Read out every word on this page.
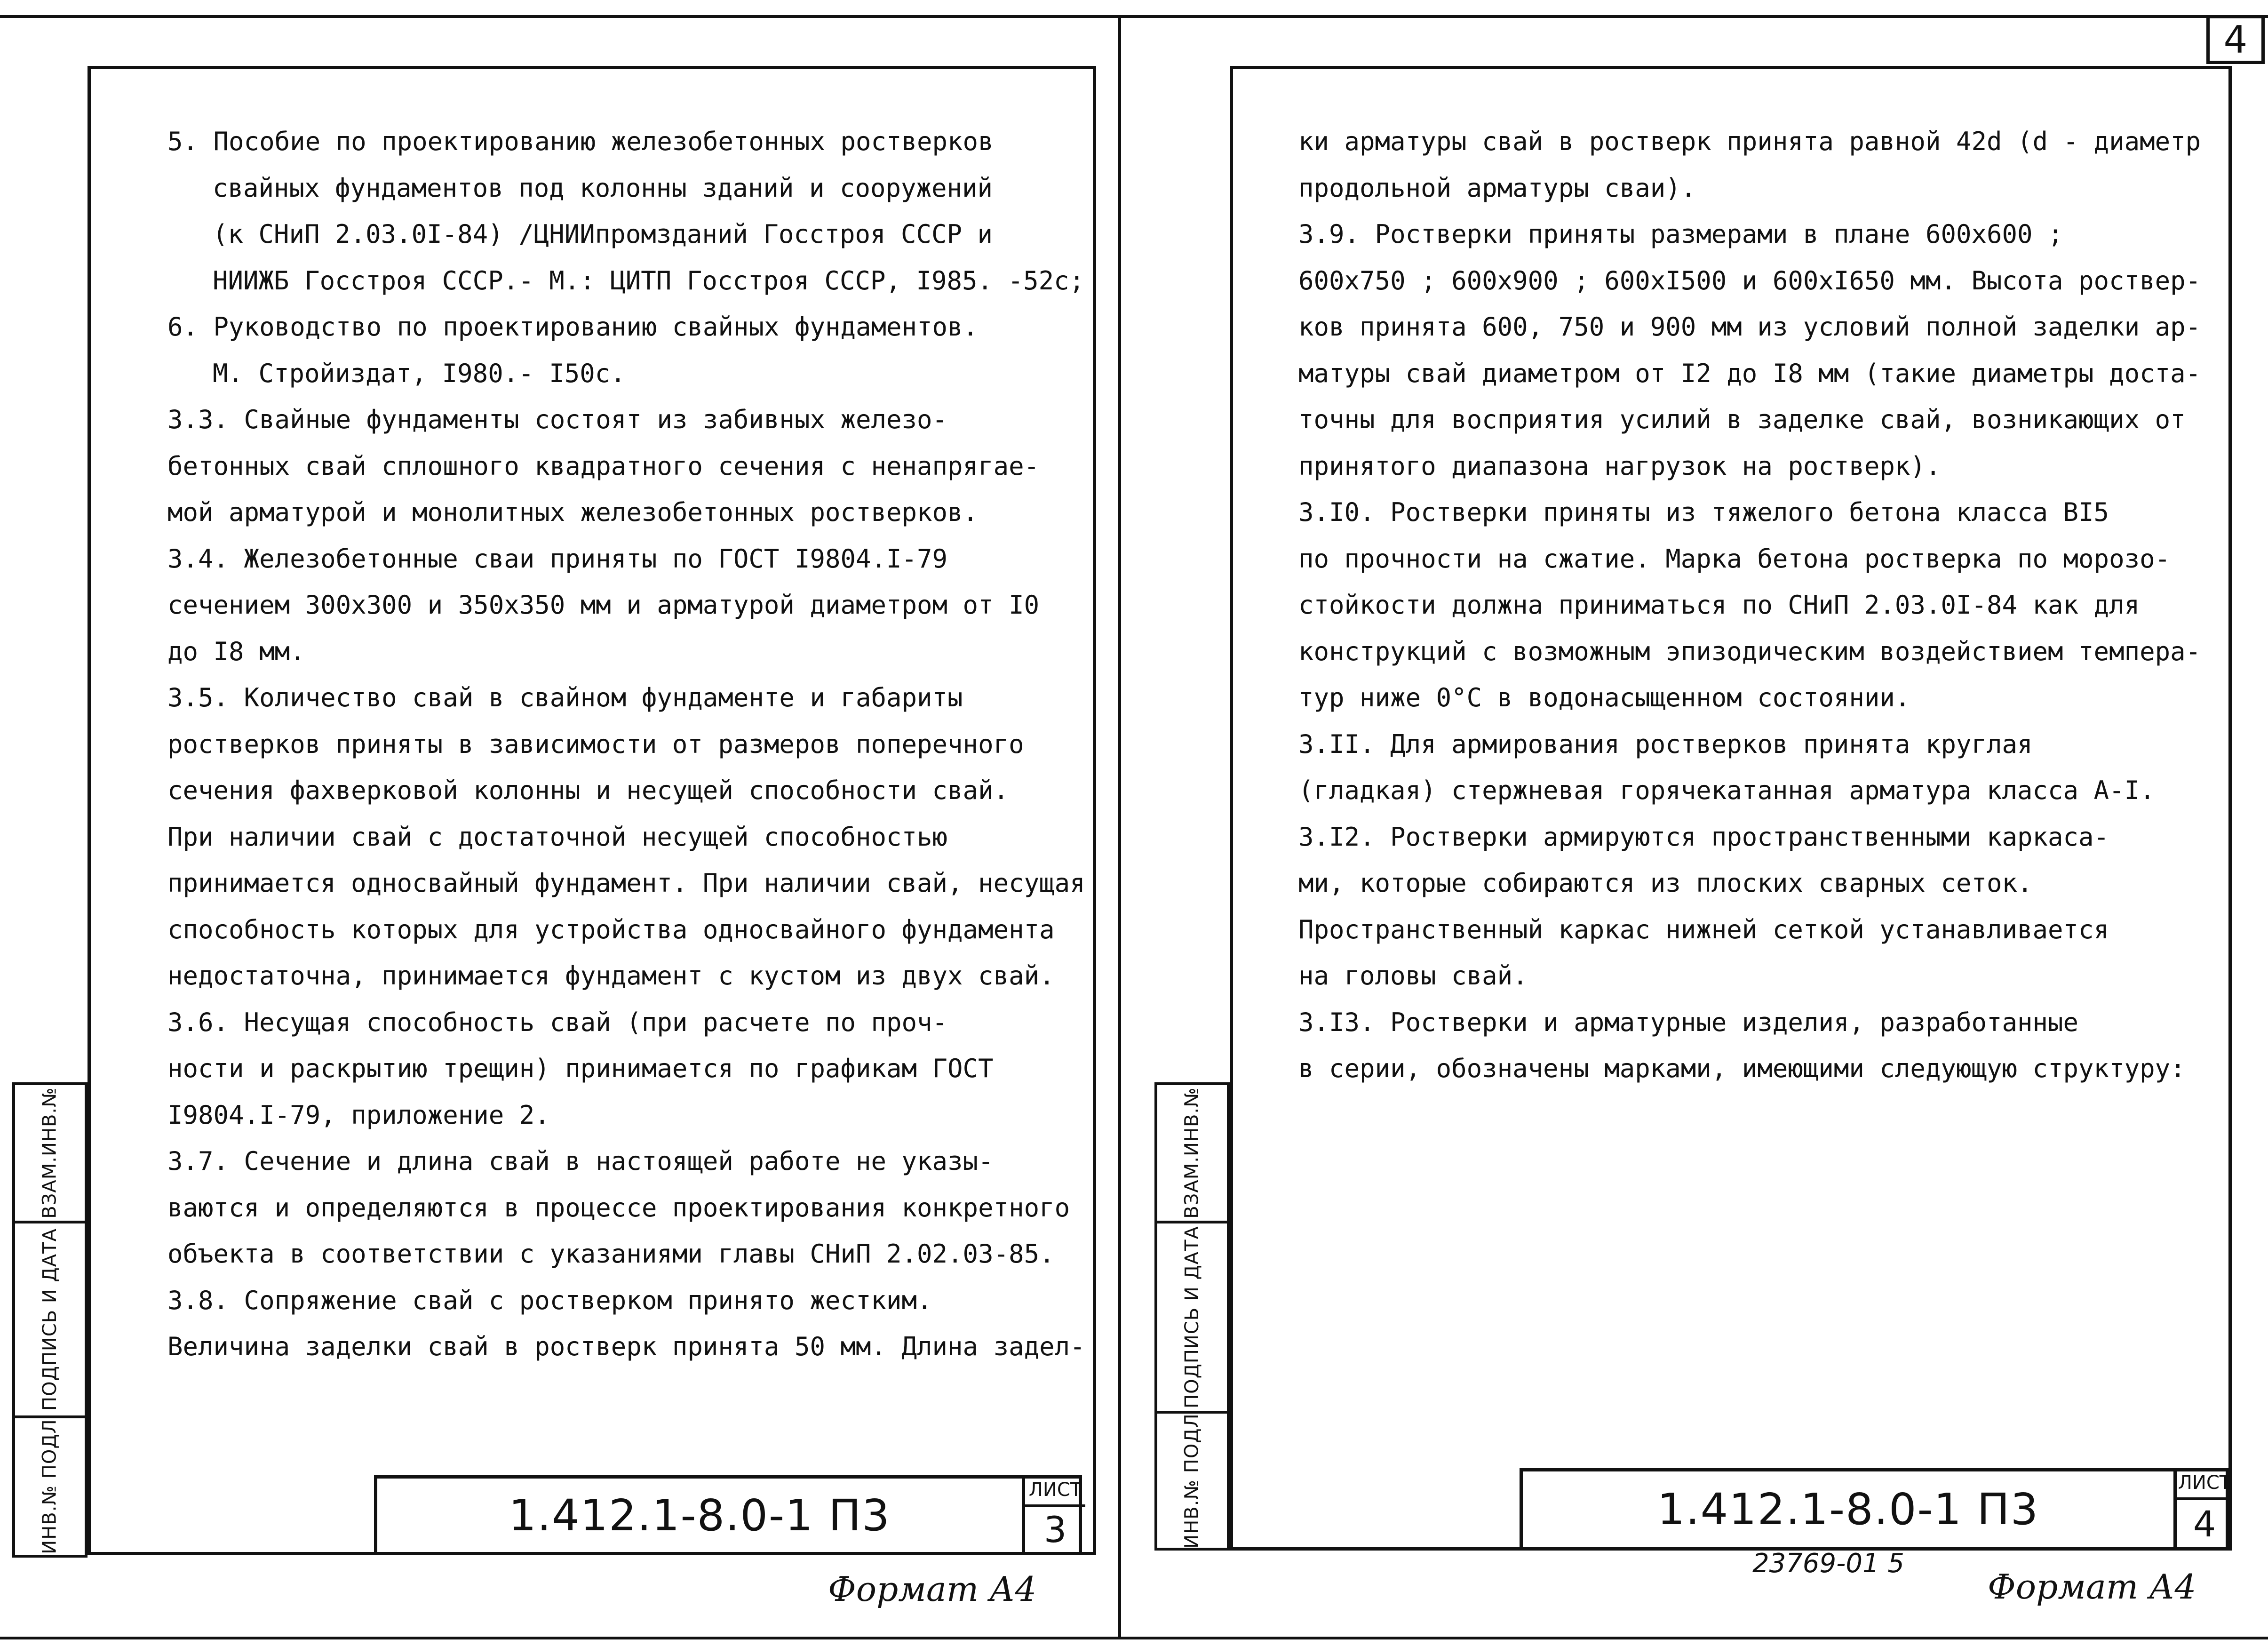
4
5. Пособие по проектированию железобетонных ростверков
свайных фундаментов под колонны зданий и сооружений
(к СНиП 2.03.0I-84) /ЦНИИпромзданий Госстроя СССР и
НИИЖБ Госстроя СССР.- М.: ЦИТП Госстроя СССР, I985. -52с;
6. Руководство по проектированию свайных фундаментов.
М. Стройиздат, I980.- I50с.
3.3. Свайные фундаменты состоят из забивных железо-
бетонных свай сплошного квадратного сечения с ненапрягае-
мой арматурой и монолитных железобетонных ростверков.
3.4. Железобетонные сваи приняты по ГОСТ I9804.I-79
сечением 300х300 и 350х350 мм и арматурой диаметром от I0
до I8 мм.
3.5. Количество свай в свайном фундаменте и габариты
ростверков приняты в зависимости от размеров поперечного
сечения фахверковой колонны и несущей способности свай.
При наличии свай с достаточной несущей способностью
принимается односвайный фундамент. При наличии свай, несущая
способность которых для устройства односвайного фундамента
недостаточна, принимается фундамент с кустом из двух свай.
3.6. Несущая способность свай (при расчете по проч-
ности и раскрытию трещин) принимается по графикам ГОСТ
I9804.I-79, приложение 2.
3.7. Сечение и длина свай в настоящей работе не указы-
ваются и определяются в процессе проектирования конкретного
объекта в соответствии с указаниями главы СНиП 2.02.03-85.
3.8. Сопряжение свай с ростверком принято жестким.
Величина заделки свай в ростверк принята 50 мм. Длина задел-
1.412.1-8.0-1 П3
ЛИСТ
3
ВЗАМ.ИНВ.№
ПОДПИСЬ И ДАТА
ИНВ.№ ПОДЛ
Формат А4
ки арматуры свай в ростверк принята равной 42d (d - диаметр
продольной арматуры сваи).
3.9. Ростверки приняты размерами в плане 600х600 ;
600х750 ; 600х900 ; 600хI500 и 600хI650 мм. Высота роствер-
ков принята 600, 750 и 900 мм из условий полной заделки ар-
матуры свай диаметром от I2 до I8 мм (такие диаметры доста-
точны для восприятия усилий в заделке свай, возникающих от
принятого диапазона нагрузок на ростверк).
3.I0. Ростверки приняты из тяжелого бетона класса BI5
по прочности на сжатие. Марка бетона ростверка по морозо-
стойкости должна приниматься по СНиП 2.03.0I-84 как для
конструкций с возможным эпизодическим воздействием темпера-
тур ниже 0°С в водонасыщенном состоянии.
3.II. Для армирования ростверков принята круглая
(гладкая) стержневая горячекатанная арматура класса А-I.
3.I2. Ростверки армируются пространственными каркаса-
ми, которые собираются из плоских сварных сеток.
Пространственный каркас нижней сеткой устанавливается
на головы свай.
3.I3. Ростверки и арматурные изделия, разработанные
в серии, обозначены марками, имеющими следующую структуру:
1.412.1-8.0-1 П3
ЛИСТ
4
ВЗАМ.ИНВ.№
ПОДПИСЬ И ДАТА
ИНВ.№ ПОДЛ
23769-01 5
Формат А4
